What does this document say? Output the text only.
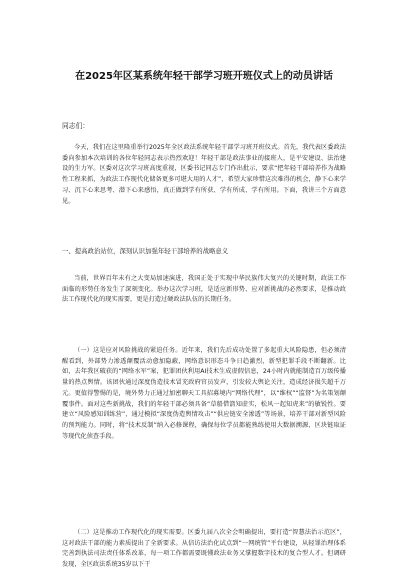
在2025年区某系统年轻干部学习班开班仪式上的动员讲话

同志们：

今天，我们在这里隆重举行2025年全区政法系统年轻干部学习班开班仪式。首先，我代表区委政法委向参加本次培训的各位年轻同志表示热烈欢迎！年轻干部是政法事业的接班人，是平安建设、法治建设的生力军。区委对这次学习班高度重视，区委书记同志专门作出批示，要求“把年轻干部培养作为战略性工程来抓，为政法工作现代化储备更多可堪大用的人才”，希望大家珍惜这次难得的机会，静下心来学习、沉下心来思考、潜下心来感悟，真正做到学有所获、学有所成、学有所用。下面，我讲三个方面意见。

一、提高政治站位，深刻认识加强年轻干部培养的战略意义

当前，世界百年未有之大变局加速演进，我国正处于实现中华民族伟大复兴的关键时期，政法工作面临的形势任务发生了深刻变化。举办这次学习班，是适应新形势、应对新挑战的必然要求，是推动政法工作现代化的现实需要，更是打造过硬政法队伍的长期任务。

（一）这是应对风险挑战的紧迫任务。近年来，我们先后成功处置了多起重大风险隐患，但必须清醒看到，外部势力渗透颠覆活动愈加隐蔽，网络意识形态斗争日趋激烈，新型犯罪手段不断翻新。比如，去年我区破获的“网络水军”案，犯罪团伙利用AI技术生成虚假信息，24小时内就能制造百万级传播量的热点舆情。该团伙通过深度伪造技术冒充政府官员发声，引发较大舆论关注，造成经济损失超千万元。更值得警惕的是，境外势力正通过加密聊天工具招募境内“网络代理”，以“维权”“监督”为名策划颠覆事件。面对这些新挑战，我们的年轻干部必须具备“草船借箭知虚实，松风一起知虎来”的敏锐性。要建立“风险感知训练营”，通过模拟“深度伪造舆情攻击”“供应链安全渗透”等场景，培养干部对新型风险的预判能力。同时，将“技术反制”纳入必修课程，确保每位学员都能熟练使用大数据溯源、区块链取证等现代化侦查手段。

（二）这是推动工作现代化的现实需要。区委九届八次全会明确提出，要打造“智慧法治示范区”，这对政法干部的能力素质提出了全新要求。从信访法治化试点到“一网统管”平台建设，从轻罪治理体系完善到执法司法责任体系改革，每一项工作都需要既懂政法业务又掌握数字技术的复合型人才。但调研发现，全区政法系统35岁以下干
